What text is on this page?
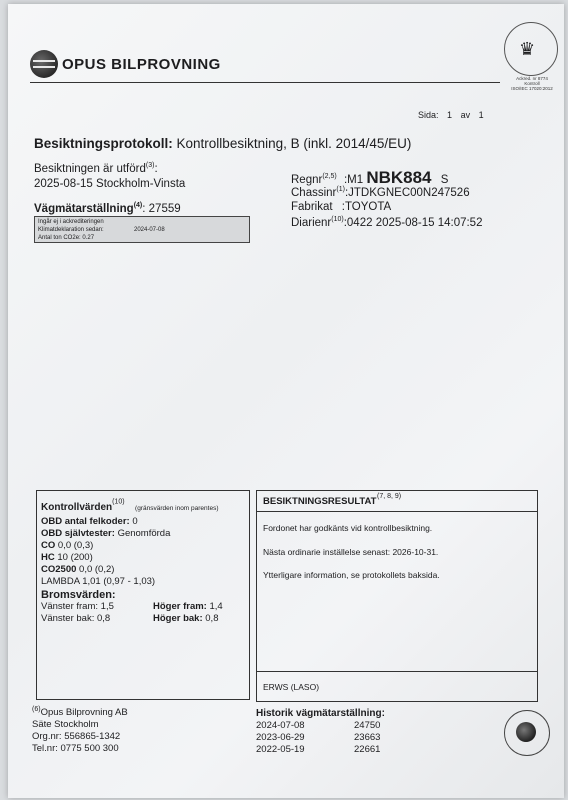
OPUS BILPROVNING
♛
Ackred. nr 8774
Kontroll
ISO/IEC 17020:2012
Sida: 1 av 1
Besiktningsprotokoll: Kontrollbesiktning, B (inkl. 2014/45/EU)
Besiktningen är utförd$^{(3)}$:
2025-08-15 Stockholm-Vinsta
Vägmätarställning$^{(4)}$: 27559
Ingår ej i ackrediteringen
Klimatdeklaration sedan:	2024-07-08
Antal ton CO2e: 0.27
Regnr$^{(2,5)}$ :M1 NBK884 S
Chassinr$^{(1)}$:JTDKGNEC00N247526
Fabrikat :TOYOTA
Diarienr$^{(10)}$:0422 2025-08-15 14:07:52
Kontrollvärden$^{(10)}$ (gränsvärden inom parentes)
OBD antal felkoder: 0
OBD självtester: Genomförda
CO 0,0 (0,3)
HC 10 (200)
CO2500 0,0 (0,2)
LAMBDA 1,01 (0,97 - 1,03)
Bromsvärden:
Vänster fram: 1,5	Höger fram: 1,4
Vänster bak: 0,8	Höger bak: 0,8
BESIKTNINGSRESULTAT (7, 8, 9)
Fordonet har godkänts vid kontrollbesiktning.
Nästa ordinarie inställelse senast: 2026-10-31.
Ytterligare information, se protokollets baksida.
ERWS (LASO)
$^{(6)}$Opus Bilprovning AB
Säte Stockholm
Org.nr: 556865-1342
Tel.nr: 0775 500 300
Historik vägmätarställning:
2024-07-08	24750
2023-06-29	23663
2022-05-19	22661
